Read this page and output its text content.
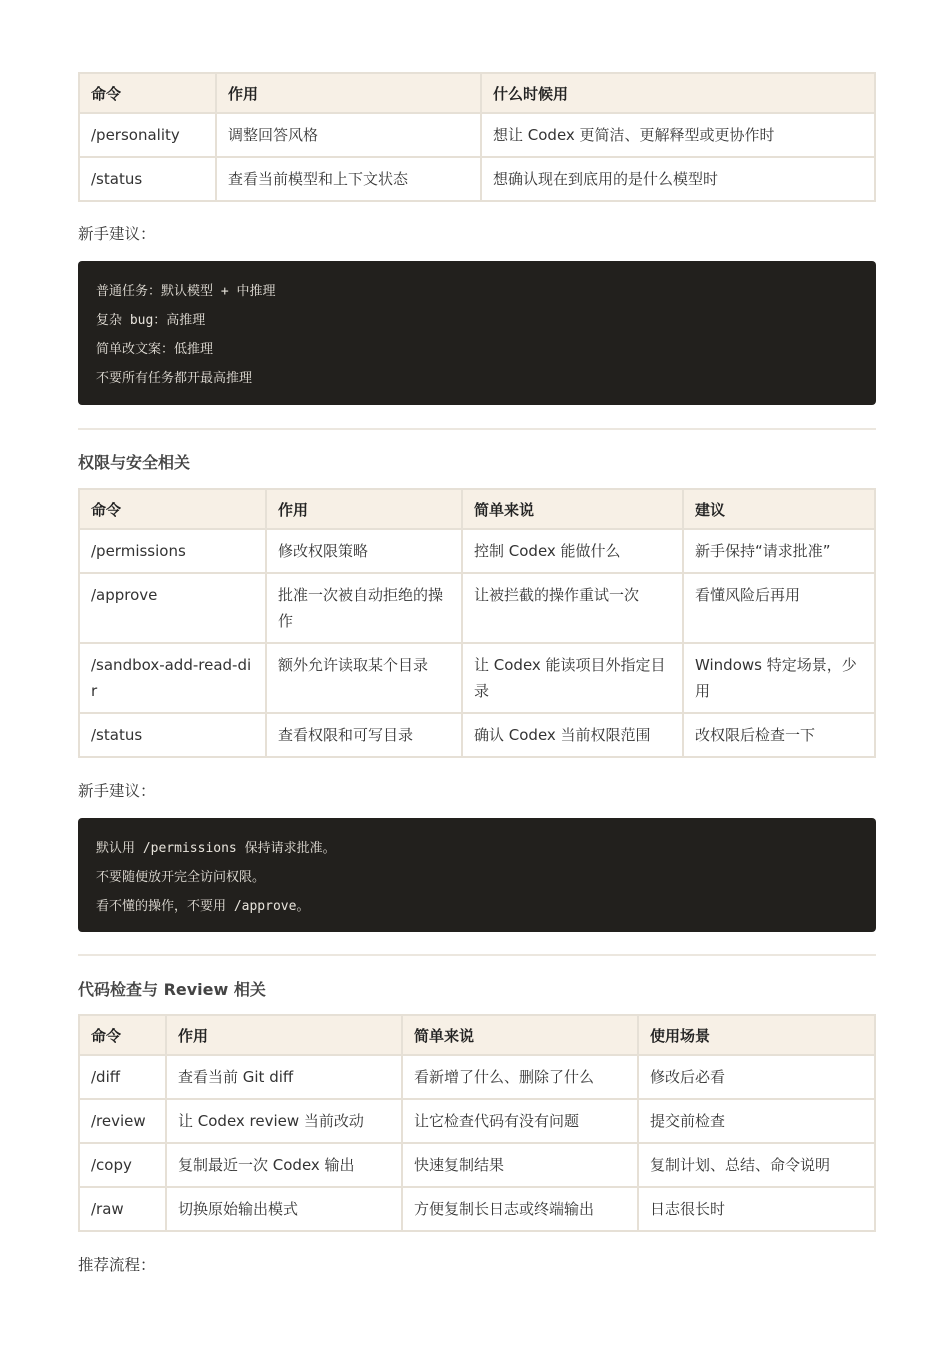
命令	作用	什么时候用
/personality	调整回答风格	想让 Codex 更简洁、更解释型或更协作时
/status	查看当前模型和上下文状态	想确认现在到底用的是什么模型时

新手建议：

普通任务：默认模型 + 中推理
复杂 bug：高推理
简单改文案：低推理
不要所有任务都开最高推理
权限与安全相关
命令	作用	简单来说	建议
/permissions	修改权限策略	控制 Codex 能做什么	新手保持“请求批准”
/approve	批准一次被自动拒绝的操作	让被拦截的操作重试一次	看懂风险后再用
/sandbox-add-read-dir	额外允许读取某个目录	让 Codex 能读项目外指定目录	Windows 特定场景，少用
/status	查看权限和可写目录	确认 Codex 当前权限范围	改权限后检查一下

新手建议：

默认用 /permissions 保持请求批准。
不要随便放开完全访问权限。
看不懂的操作，不要用 /approve。
代码检查与 Review 相关
命令	作用	简单来说	使用场景
/diff	查看当前 Git diff	看新增了什么、删除了什么	修改后必看
/review	让 Codex review 当前改动	让它检查代码有没有问题	提交前检查
/copy	复制最近一次 Codex 输出	快速复制结果	复制计划、总结、命令说明
/raw	切换原始输出模式	方便复制长日志或终端输出	日志很长时

推荐流程：
